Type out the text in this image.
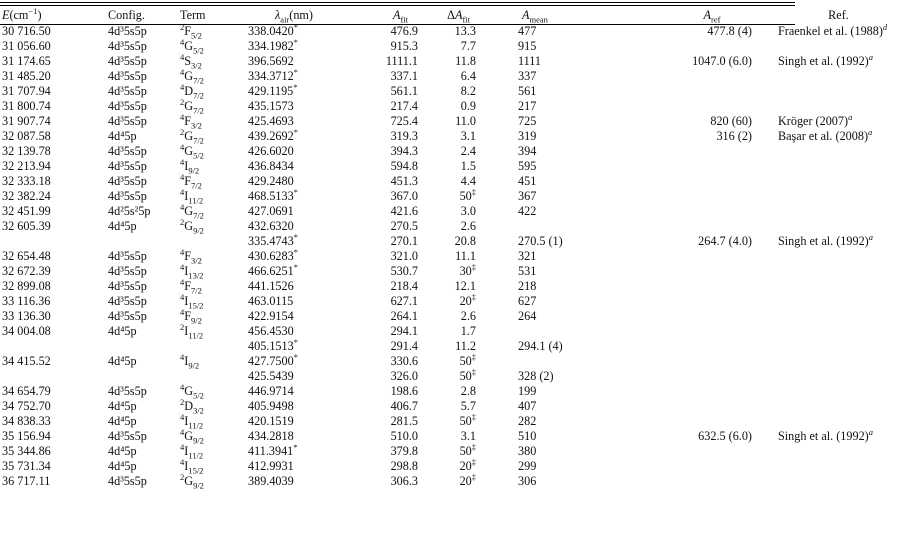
$E(cm^{-1})$	Config.	Term	$\lambda_{air}(nm)$	$A_{fit}$	$\Delta A_{fit}$	$A_{mean}$	$A_{ref}$	Ref.
30 716.50	4d³5s5p	$^2F_{5/2}$	338.0420*	476.9	13.3	477	477.8 (4)	Fraenkel et al. $(1988)^d$
31 056.60	4d³5s5p	$^4G_{5/2}$	334.1982*	915.3	7.7	915		
31 174.65	4d³5s5p	$^4S_{3/2}$	396.5692	1111.1	11.8	1111	1047.0 (6.0)	Singh et al. $(1992)^a$
31 485.20	4d³5s5p	$^4G_{7/2}$	334.3712*	337.1	6.4	337		
31 707.94	4d³5s5p	$^4D_{7/2}$	429.1195*	561.1	8.2	561		
31 800.74	4d³5s5p	$^2G_{7/2}$	435.1573	217.4	0.9	217		
31 907.74	4d³5s5p	$^4F_{3/2}$	425.4693	725.4	11.0	725	820 (60)	Kröger $(2007)^a$
32 087.58	4d⁴5p	$^2G_{7/2}$	439.2692*	319.3	3.1	319	316 (2)	Başar et al. $(2008)^a$
32 139.78	4d³5s5p	$^4G_{5/2}$	426.6020	394.3	2.4	394		
32 213.94	4d³5s5p	$^4I_{9/2}$	436.8434	594.8	1.5	595		
32 333.18	4d³5s5p	$^4F_{7/2}$	429.2480	451.3	4.4	451		
32 382.24	4d³5s5p	$^4I_{11/2}$	468.5133*	367.0	50‡	367		
32 451.99	4d²5s²5p	$^4G_{7/2}$	427.0691	421.6	3.0	422		
32 605.39	4d⁴5p	$^2G_{9/2}$	432.6320	270.5	2.6			
			335.4743*	270.1	20.8	270.5 (1)	264.7 (4.0)	Singh et al. $(1992)^a$
32 654.48	4d³5s5p	$^4F_{3/2}$	430.6283*	321.0	11.1	321		
32 672.39	4d³5s5p	$^4I_{13/2}$	466.6251*	530.7	30‡	531		
32 899.08	4d³5s5p	$^4F_{7/2}$	441.1526	218.4	12.1	218		
33 116.36	4d³5s5p	$^4I_{15/2}$	463.0115	627.1	20‡	627		
33 136.30	4d³5s5p	$^4F_{9/2}$	422.9154	264.1	2.6	264		
34 004.08	4d⁴5p	$^2I_{11/2}$	456.4530	294.1	1.7			
			405.1513*	291.4	11.2	294.1 (4)		
34 415.52	4d⁴5p	$^4I_{9/2}$	427.7500*	330.6	50‡			
			425.5439	326.0	50‡	328 (2)		
34 654.79	4d³5s5p	$^4G_{5/2}$	446.9714	198.6	2.8	199		
34 752.70	4d⁴5p	$^2D_{3/2}$	405.9498	406.7	5.7	407		
34 838.33	4d⁴5p	$^4I_{11/2}$	420.1519	281.5	50‡	282		
35 156.94	4d³5s5p	$^4G_{9/2}$	434.2818	510.0	3.1	510	632.5 (6.0)	Singh et al. $(1992)^a$
35 344.86	4d⁴5p	$^4I_{11/2}$	411.3941*	379.8	50‡	380		
35 731.34	4d⁴5p	$^4I_{15/2}$	412.9931	298.8	20‡	299		
36 717.11	4d³5s5p	$^2G_{9/2}$	389.4039	306.3	20‡	306		
